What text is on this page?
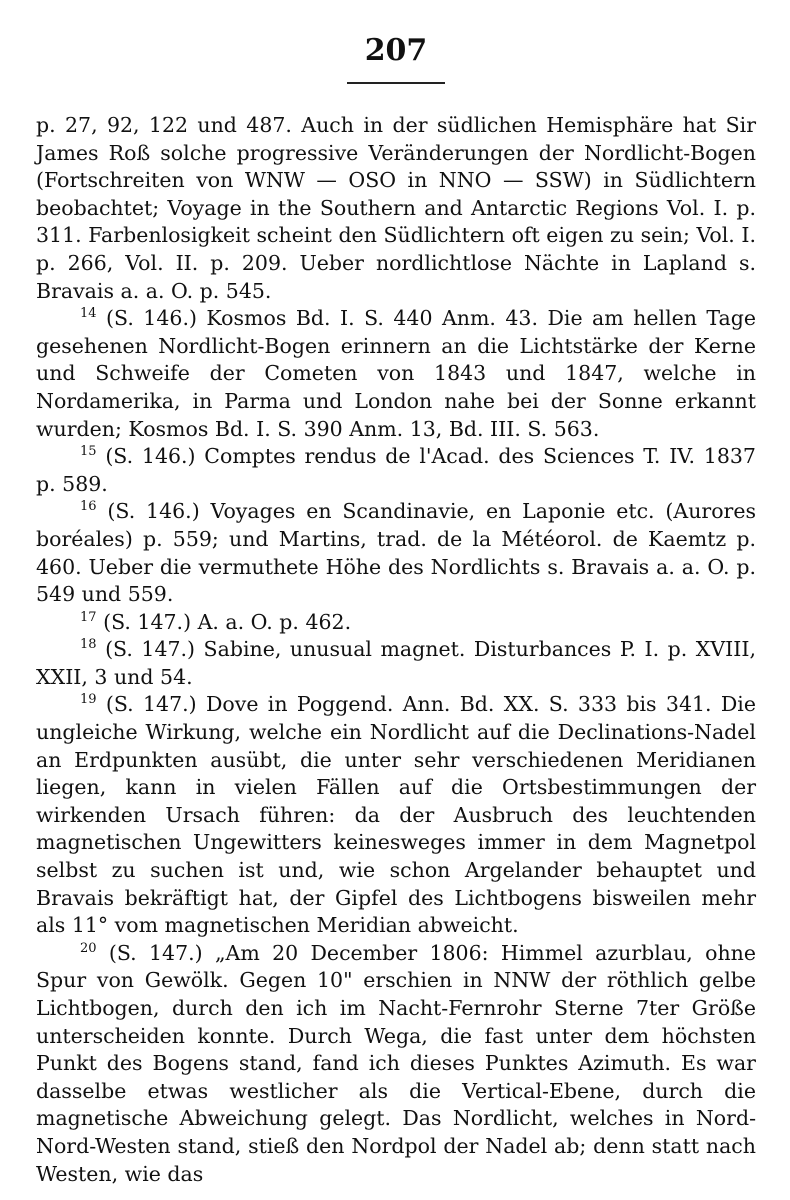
207

p. 27, 92, 122 und 487. Auch in der südlichen Hemisphäre hat Sir James Roß solche progressive Veränderungen der Nordlicht-Bogen (Fortschreiten von WNW — OSO in NNO — SSW) in Südlichtern beobachtet; Voyage in the Southern and Antarctic Regions Vol. I. p. 311. Farbenlosigkeit scheint den Südlichtern oft eigen zu sein; Vol. I. p. 266, Vol. II. p. 209. Ueber nordlichtlose Nächte in Lapland s. Bravais a. a. O. p. 545.

$^{14}$ (S. 146.) Kosmos Bd. I. S. 440 Anm. 43. Die am hellen Tage gesehenen Nordlicht-Bogen erinnern an die Lichtstärke der Kerne und Schweife der Cometen von 1843 und 1847, welche in Nordamerika, in Parma und London nahe bei der Sonne erkannt wurden; Kosmos Bd. I. S. 390 Anm. 13, Bd. III. S. 563.

$^{15}$ (S. 146.) Comptes rendus de l'Acad. des Sciences T. IV. 1837 p. 589.

$^{16}$ (S. 146.) Voyages en Scandinavie, en Laponie etc. (Aurores boréales) p. 559; und Martins, trad. de la Météorol. de Kaemtz p. 460. Ueber die vermuthete Höhe des Nordlichts s. Bravais a. a. O. p. 549 und 559.

$^{17}$ (S. 147.) A. a. O. p. 462.

$^{18}$ (S. 147.) Sabine, unusual magnet. Disturbances P. I. p. XVIII, XXII, 3 und 54.

$^{19}$ (S. 147.) Dove in Poggend. Ann. Bd. XX. S. 333 bis 341. Die ungleiche Wirkung, welche ein Nordlicht auf die Declinations-Nadel an Erdpunkten ausübt, die unter sehr verschiedenen Meridianen liegen, kann in vielen Fällen auf die Ortsbestimmungen der wirkenden Ursach führen: da der Ausbruch des leuchtenden magnetischen Ungewitters keinesweges immer in dem Magnetpol selbst zu suchen ist und, wie schon Argelander behauptet und Bravais bekräftigt hat, der Gipfel des Lichtbogens bisweilen mehr als 11° vom magnetischen Meridian abweicht.

$^{20}$ (S. 147.) „Am 20 December 1806: Himmel azurblau, ohne Spur von Gewölk. Gegen 10" erschien in NNW der röthlich gelbe Lichtbogen, durch den ich im Nacht-Fernrohr Sterne 7ter Größe unterscheiden konnte. Durch Wega, die fast unter dem höchsten Punkt des Bogens stand, fand ich dieses Punktes Azimuth. Es war dasselbe etwas westlicher als die Vertical-Ebene, durch die magnetische Abweichung gelegt. Das Nordlicht, welches in Nord-Nord-Westen stand, stieß den Nordpol der Nadel ab; denn statt nach Westen, wie das
